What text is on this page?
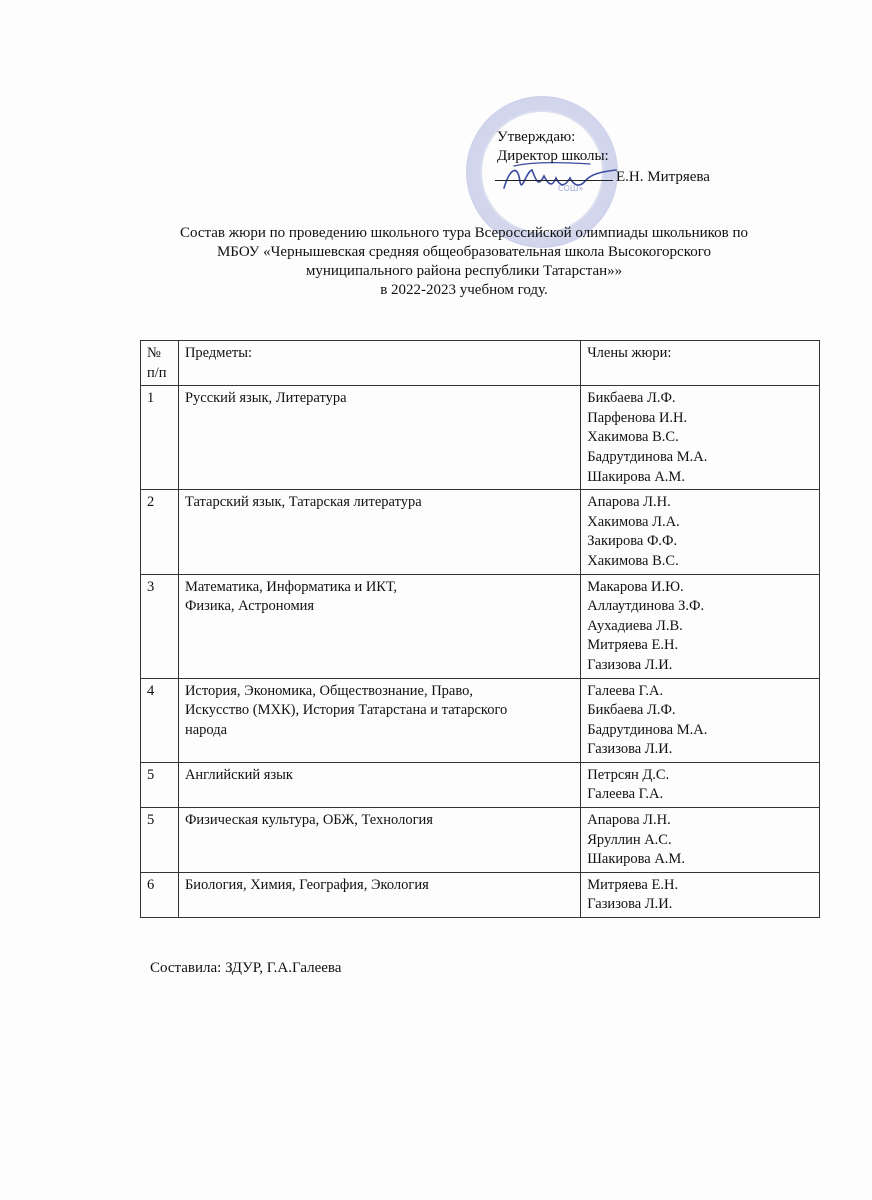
СОШ»
Утверждаю:
Директор школы:
Е.Н. Митряева
Состав жюри по проведению школьного тура Всероссийской олимпиады школьников по
МБОУ «Чернышевская средняя общеобразовательная школа Высокогорского
муниципального района республики Татарстан»»
в 2022-2023 учебном году.
№ п/п	Предметы:	Члены жюри:
1	Русский язык, Литература	Бикбаева Л.Ф.
Парфенова И.Н.
Хакимова В.С.
Бадрутдинова М.А.
Шакирова А.М.

2	Татарский язык, Татарская литература	Апарова Л.Н.
Хакимова Л.А.
Закирова Ф.Ф.
Хакимова В.С.

3	Математика, Информатика и ИКТ,
Физика, Астрономия	Макарова И.Ю.
Аллаутдинова З.Ф.
Аухадиева Л.В.
Митряева Е.Н.
Газизова Л.И.

4	История, Экономика, Обществознание, Право,
Искусство (МХК), История Татарстана и татарского
народа	Галеева Г.А.
Бикбаева Л.Ф.
Бадрутдинова М.А.
Газизова Л.И.

5	Английский язык	Петрсян Д.С.
Галеева Г.А.

5	Физическая культура, ОБЖ, Технология	Апарова Л.Н.
Яруллин А.С.
Шакирова А.М.

6	Биология, Химия, География, Экология	Митряева Е.Н.
Газизова Л.И.
Составила: ЗДУР, Г.А.Галеева
